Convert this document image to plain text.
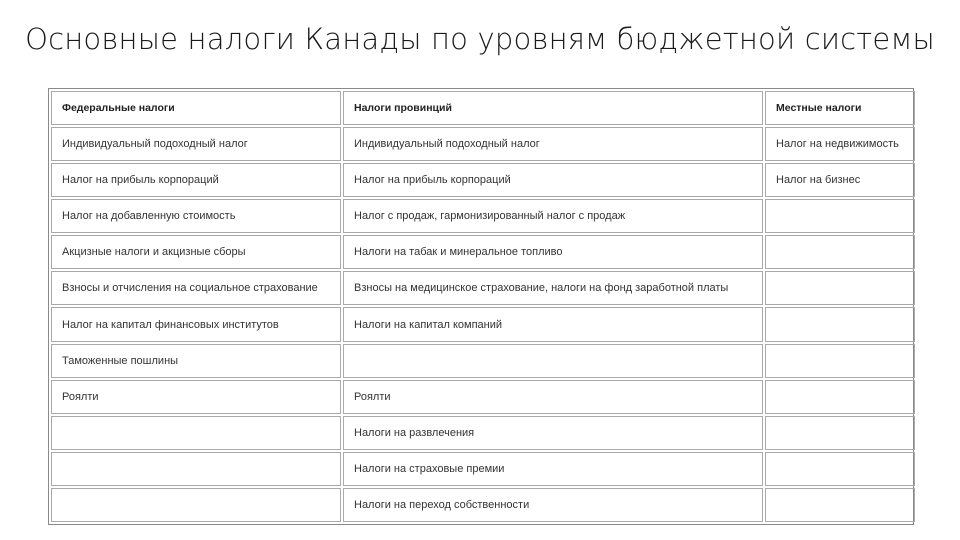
Основные налоги Канады по уровням бюджетной системы
Федеральные налоги	Налоги провинций	Местные налоги
Индивидуальный подоходный налог	Индивидуальный подоходный налог	Налог на недвижимость
Налог на прибыль корпораций	Налог на прибыль корпораций	Налог на бизнес
Налог на добавленную стоимость	Налог с продаж, гармонизированный налог с продаж	
Акцизные налоги и акцизные сборы	Налоги на табак и минеральное топливо	
Взносы и отчисления на социальное страхование	Взносы на медицинское страхование, налоги на фонд заработной платы	
Налог на капитал финансовых институтов	Налоги на капитал компаний	
Таможенные пошлины		
Роялти	Роялти	
	Налоги на развлечения	
	Налоги на страховые премии	
	Налоги на переход собственности	
